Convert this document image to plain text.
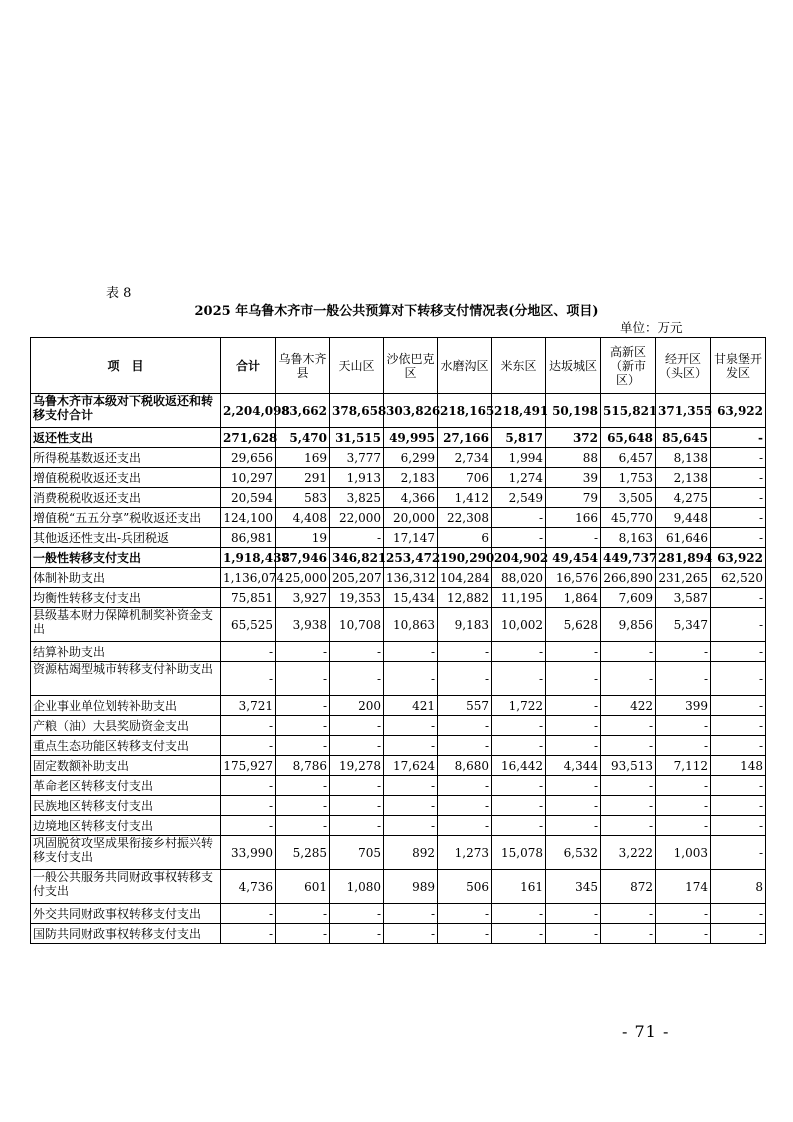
表 8
2025 年乌鲁木齐市一般公共预算对下转移支付情况表(分地区、项目)
单位：万元
项　目	合计	乌鲁木齐县	天山区	沙依巴克区	水磨沟区	米东区	达坂城区	高新区（新市区）	经开区（头区）	甘泉堡开发区
乌鲁木齐市本级对下税收返还和转移支付合计	2,204,098	83,662	378,658	303,826	218,165	218,491	50,198	515,821	371,355	63,922
返还性支出	271,628	5,470	31,515	49,995	27,166	5,817	372	65,648	85,645	-
所得税基数返还支出	29,656	169	3,777	6,299	2,734	1,994	88	6,457	8,138	-
增值税税收返还支出	10,297	291	1,913	2,183	706	1,274	39	1,753	2,138	-
消费税税收返还支出	20,594	583	3,825	4,366	1,412	2,549	79	3,505	4,275	-
增值税“五五分享”税收返还支出	124,100	4,408	22,000	20,000	22,308	-	166	45,770	9,448	-
其他返还性支出-兵团税返	86,981	19	-	17,147	6	-	-	8,163	61,646	-
一般性转移支付支出	1,918,438	77,946	346,821	253,472	190,290	204,902	49,454	449,737	281,894	63,922
体制补助支出	1,136,074	25,000	205,207	136,312	104,284	88,020	16,576	266,890	231,265	62,520
均衡性转移支付支出	75,851	3,927	19,353	15,434	12,882	11,195	1,864	7,609	3,587	-
县级基本财力保障机制奖补资金支出	65,525	3,938	10,708	10,863	9,183	10,002	5,628	9,856	5,347	-
结算补助支出	-	-	-	-	-	-	-	-	-	-
资源枯竭型城市转移支付补助支出	-	-	-	-	-	-	-	-	-	-
企业事业单位划转补助支出	3,721	-	200	421	557	1,722	-	422	399	-
产粮（油）大县奖励资金支出	-	-	-	-	-	-	-	-	-	-
重点生态功能区转移支付支出	-	-	-	-	-	-	-	-	-	-
固定数额补助支出	175,927	8,786	19,278	17,624	8,680	16,442	4,344	93,513	7,112	148
革命老区转移支付支出	-	-	-	-	-	-	-	-	-	-
民族地区转移支付支出	-	-	-	-	-	-	-	-	-	-
边境地区转移支付支出	-	-	-	-	-	-	-	-	-	-
巩固脱贫攻坚成果衔接乡村振兴转移支付支出	33,990	5,285	705	892	1,273	15,078	6,532	3,222	1,003	-
一般公共服务共同财政事权转移支付支出	4,736	601	1,080	989	506	161	345	872	174	8
外交共同财政事权转移支付支出	-	-	-	-	-	-	-	-	-	-
国防共同财政事权转移支付支出	-	-	-	-	-	-	-	-	-	-
- 71 -
